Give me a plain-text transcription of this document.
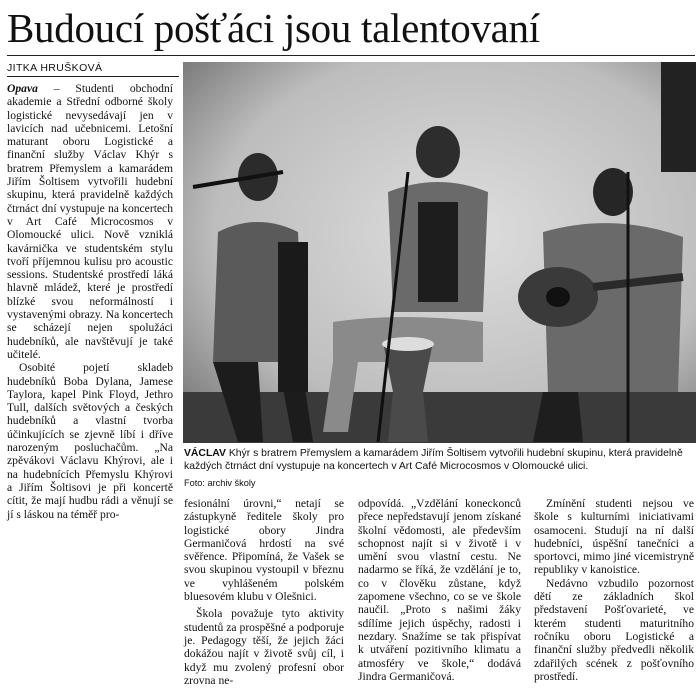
Budoucí pošťáci jsou talentovaní
JITKA HRUŠKOVÁ

Opava – Studenti obchodní akademie a Střední odborné školy logistické nevysedávají jen v lavicích nad učebnicemi. Letošní maturant oboru Logistické a finanční služby Václav Khýr s bratrem Přemyslem a kamarádem Jiřím Šoltisem vytvořili hudební skupinu, která pravidelně každých čtrnáct dní vystupuje na koncertech v Art Café Microcosmos v Olomoucké ulici. Nově vzniklá kavárnička ve studentském stylu tvoří příjemnou kulisu pro acoustic sessions. Studentské prostředí láká hlavně mládež, které je prostředí blízké svou neformálností i vystavenými obrazy. Na koncertech se scházejí nejen spolužáci hudebníků, ale navštěvují je také učitelé.

Osobité pojetí skladeb hudebníků Boba Dylana, Jamese Taylora, kapel Pink Floyd, Jethro Tull, dalších světových a českých hudebníků a vlastní tvorba účinkujících se zjevně líbí i dříve narozeným posluchačům. „Na zpěvákovi Václavu Khýrovi, ale i na hudebnících Přemyslu Khýrovi a Jiřím Šoltisovi je při koncertě cítit, že mají hudbu rádi a věnují se jí s láskou na téměř pro-

VÁCLAV Khýr s bratrem Přemyslem a kamarádem Jiřím Šoltisem vytvořili hudební skupinu, která pravidelně každých čtrnáct dní vystupuje na koncertech v Art Café Microcosmos v Olomoucké ulici.
Foto: archiv školy

fesionální úrovni,“ netají se zástupkyně ředitele školy pro logistické obory Jindra Germaničová hrdostí na své svěřence. Připomíná, že Vašek se svou skupinou vystoupil v březnu ve vyhlášeném polském bluesovém klubu v Olešnici.

Škola považuje tyto aktivity studentů za prospěšné a podporuje je. Pedagogy těší, že jejich žáci dokážou najít v životě svůj cíl, i když mu zvolený profesní obor zrovna ne-

odpovídá. „Vzdělání koneckonců přece nepředstavují jenom získané školní vědomosti, ale především schopnost najít si v životě i v umění svou vlastní cestu. Ne nadarmo se říká, že vzdělání je to, co v člověku zůstane, když zapomene všechno, co se ve škole naučil. „Proto s našimi žáky sdílíme jejich úspěchy, radosti i nezdary. Snažíme se tak přispívat k utváření pozitivního klimatu a atmosféry ve škole,“ dodává Jindra Germaničová.

Zmínění studenti nejsou ve škole s kulturními iniciativami osamoceni. Studují na ní další hudebníci, úspěšní tanečníci a sportovci, mimo jiné vicemistryně republiky v kanoistice.

Nedávno vzbudilo pozornost dětí ze základních škol představení Pošťovarieté, ve kterém studenti maturitního ročníku oboru Logistické a finanční služby předvedli několik zdařilých scének z pošťovního prostředí.
